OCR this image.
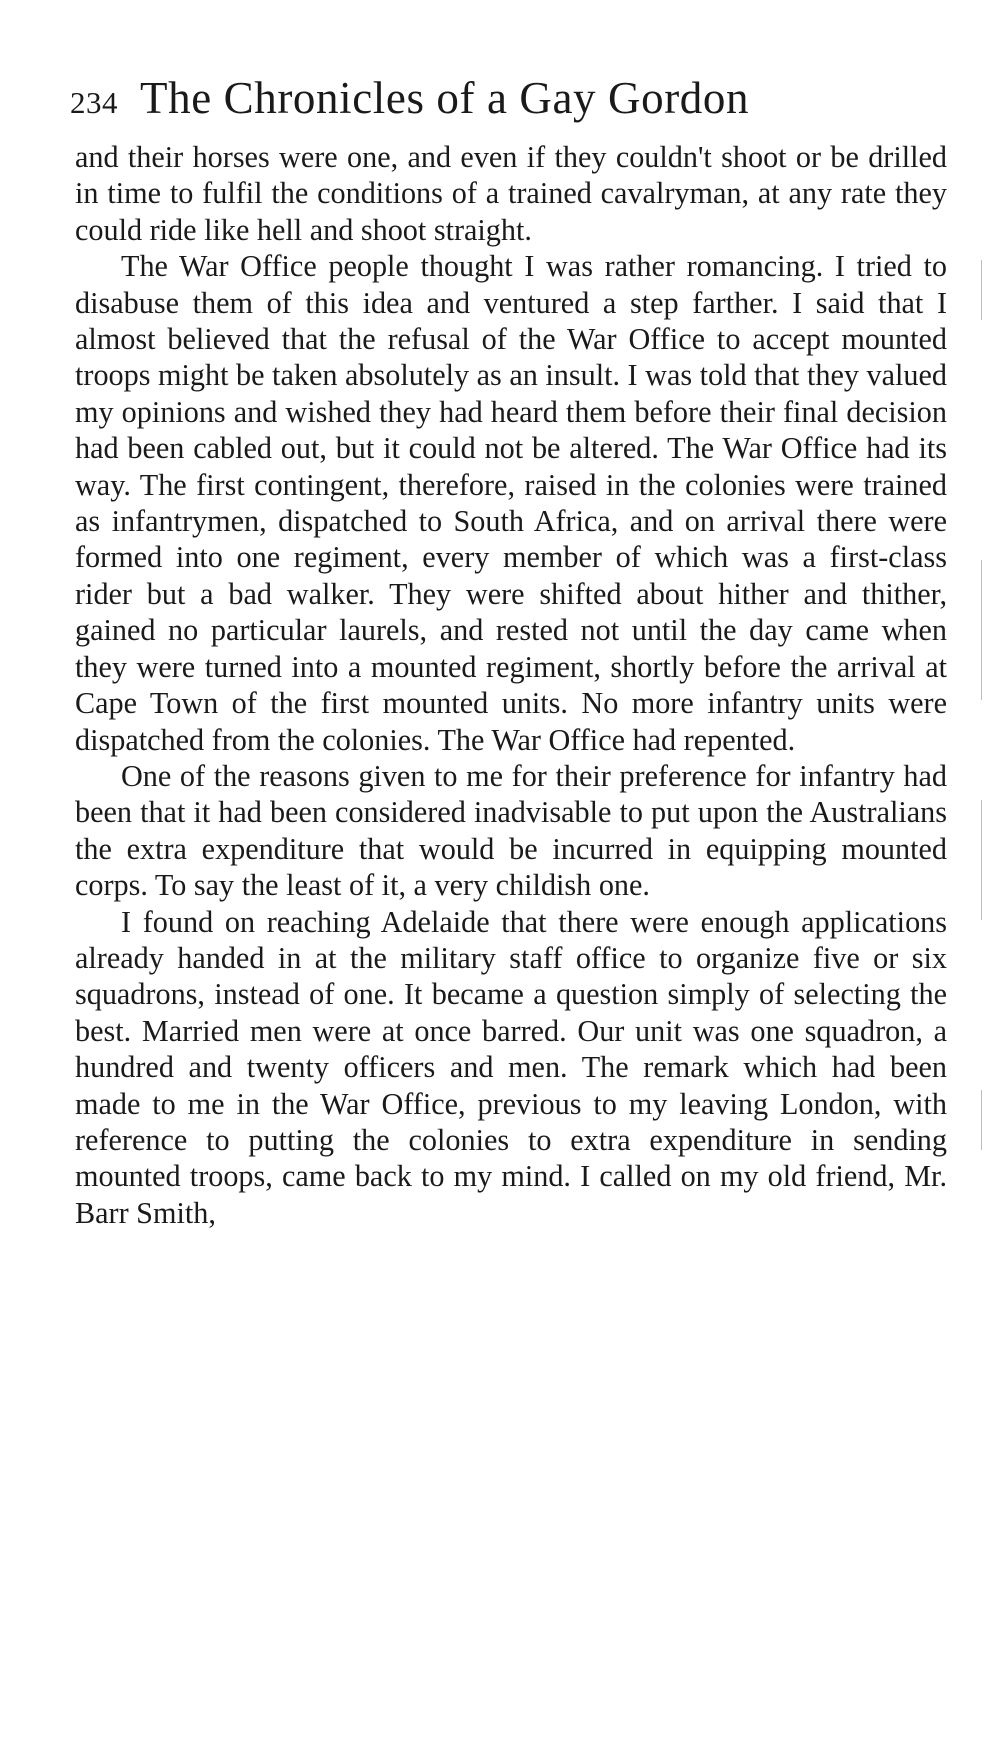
234 The Chronicles of a Gay Gordon

and their horses were one, and even if they couldn't shoot or be drilled in time to fulfil the conditions of a trained cavalryman, at any rate they could ride like hell and shoot straight.

The War Office people thought I was rather romancing. I tried to disabuse them of this idea and ventured a step farther. I said that I almost believed that the refusal of the War Office to accept mounted troops might be taken absolutely as an insult. I was told that they valued my opinions and wished they had heard them before their final decision had been cabled out, but it could not be altered. The War Office had its way. The first contingent, therefore, raised in the colonies were trained as infantrymen, dispatched to South Africa, and on arrival there were formed into one regiment, every member of which was a first-class rider but a bad walker. They were shifted about hither and thither, gained no particular laurels, and rested not until the day came when they were turned into a mounted regiment, shortly before the arrival at Cape Town of the first mounted units. No more infantry units were dispatched from the colonies. The War Office had repented.

One of the reasons given to me for their preference for infantry had been that it had been considered inadvisable to put upon the Australians the extra expenditure that would be incurred in equipping mounted corps. To say the least of it, a very childish one.

I found on reaching Adelaide that there were enough applications already handed in at the military staff office to organize five or six squadrons, instead of one. It became a question simply of selecting the best. Married men were at once barred. Our unit was one squadron, a hundred and twenty officers and men. The remark which had been made to me in the War Office, previous to my leaving London, with reference to putting the colonies to extra expenditure in sending mounted troops, came back to my mind. I called on my old friend, Mr. Barr Smith,
